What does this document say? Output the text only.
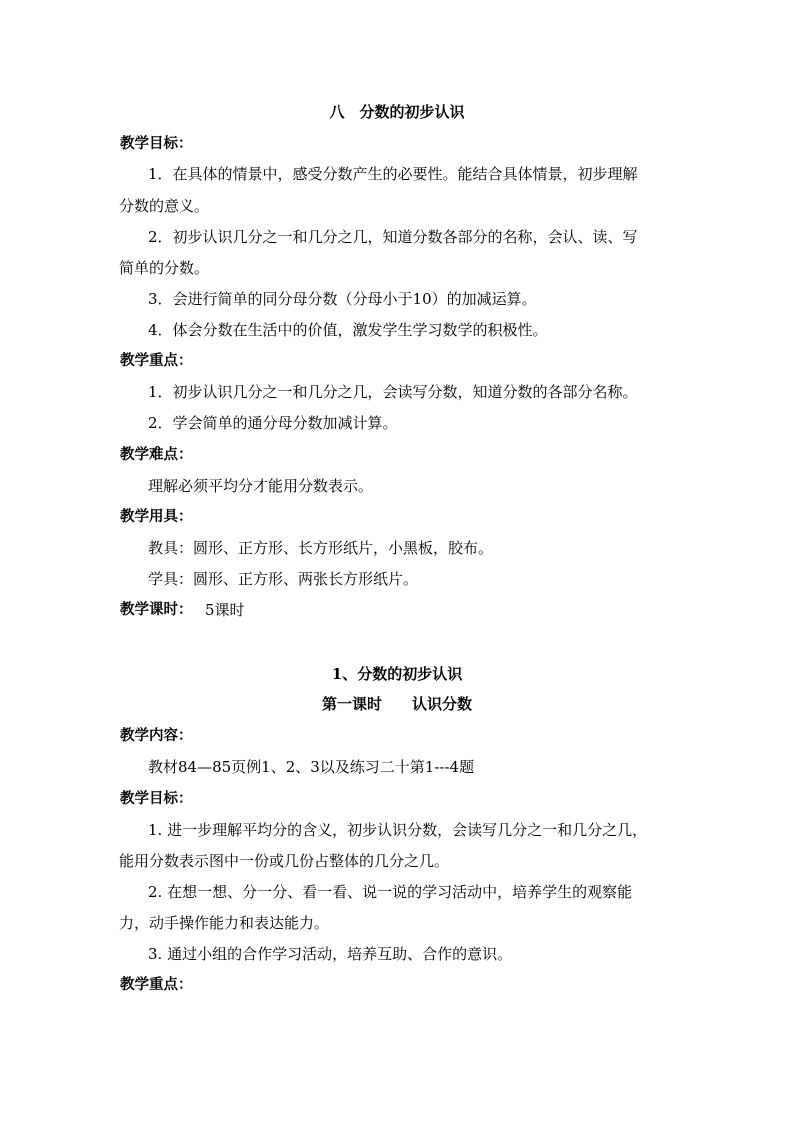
八　分数的初步认识
教学目标：
1．在具体的情景中，感受分数产生的必要性。能结合具体情景，初步理解
分数的意义。
2．初步认识几分之一和几分之几，知道分数各部分的名称，会认、读、写
简单的分数。
3．会进行简单的同分母分数（分母小于10）的加减运算。
4．体会分数在生活中的价值，激发学生学习数学的积极性。
教学重点：
1．初步认识几分之一和几分之几，会读写分数，知道分数的各部分名称。
2．学会简单的通分母分数加减计算。
教学难点：
理解必须平均分才能用分数表示。
教学用具：
教具：圆形、正方形、长方形纸片，小黑板，胶布。
学具：圆形、正方形、两张长方形纸片。
教学课时： 5课时
1、分数的初步认识
第一课时　　认识分数
教学内容：
教材84—85页例1、2、3以及练习二十第1---4题
教学目标：
1. 进一步理解平均分的含义，初步认识分数，会读写几分之一和几分之几，
能用分数表示图中一份或几份占整体的几分之几。
2. 在想一想、分一分、看一看、说一说的学习活动中，培养学生的观察能
力，动手操作能力和表达能力。
3. 通过小组的合作学习活动，培养互助、合作的意识。
教学重点：
